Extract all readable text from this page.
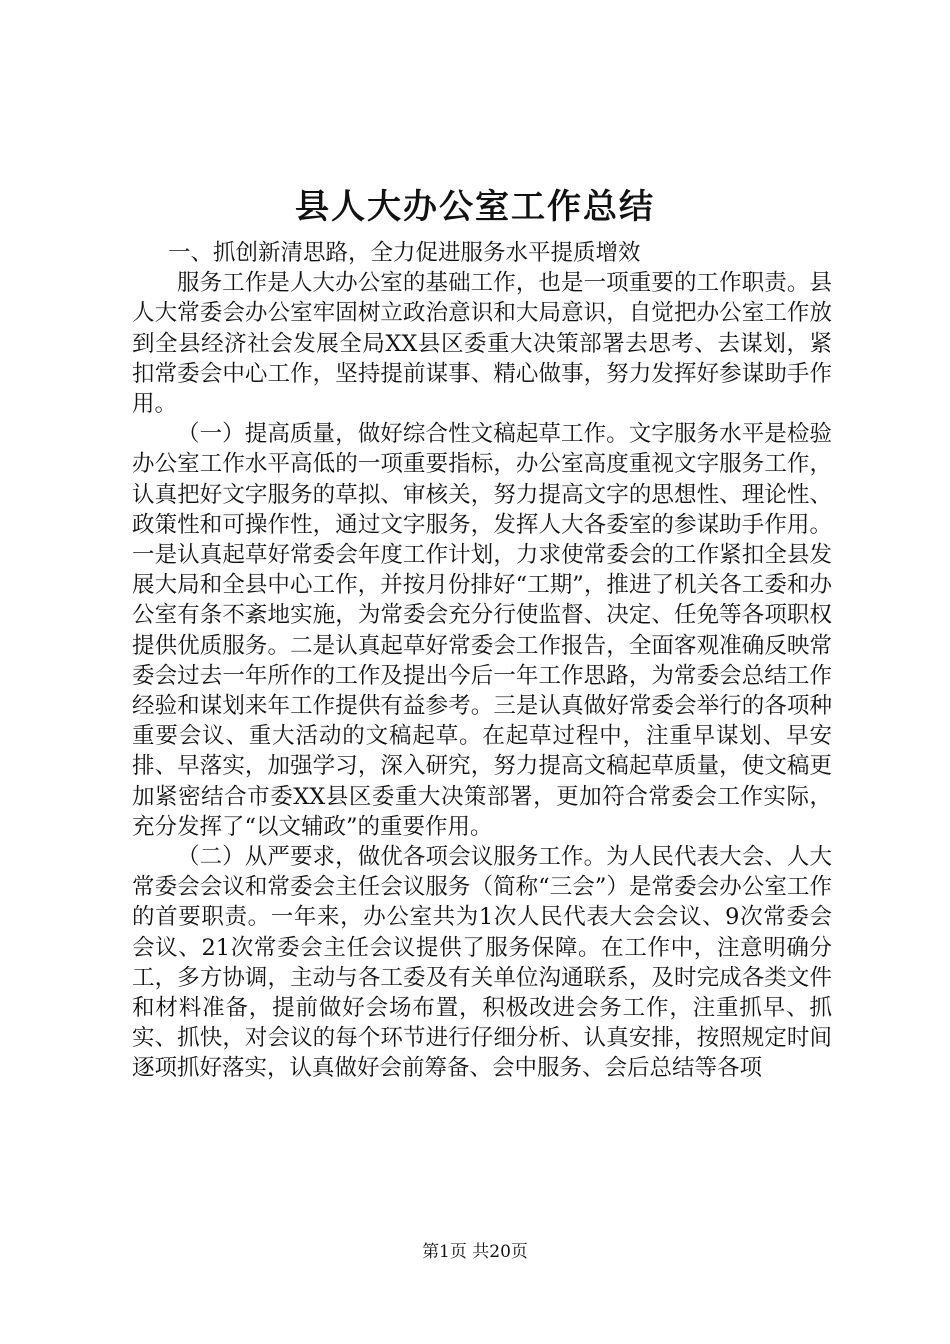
县人大办公室工作总结

一、抓创新清思路，全力促进服务水平提质增效

服务工作是人大办公室的基础工作，也是一项重要的工作职责。县人大常委会办公室牢固树立政治意识和大局意识，自觉把办公室工作放到全县经济社会发展全局XX县区委重大决策部署去思考、去谋划，紧扣常委会中心工作，坚持提前谋事、精心做事，努力发挥好参谋助手作用。

（一）提高质量，做好综合性文稿起草工作。文字服务水平是检验办公室工作水平高低的一项重要指标，办公室高度重视文字服务工作，认真把好文字服务的草拟、审核关，努力提高文字的思想性、理论性、政策性和可操作性，通过文字服务，发挥人大各委室的参谋助手作用。一是认真起草好常委会年度工作计划，力求使常委会的工作紧扣全县发展大局和全县中心工作，并按月份排好“工期”，推进了机关各工委和办公室有条不紊地实施，为常委会充分行使监督、决定、任免等各项职权提供优质服务。二是认真起草好常委会工作报告，全面客观准确反映常委会过去一年所作的工作及提出今后一年工作思路，为常委会总结工作经验和谋划来年工作提供有益参考。三是认真做好常委会举行的各项种重要会议、重大活动的文稿起草。在起草过程中，注重早谋划、早安排、早落实，加强学习，深入研究，努力提高文稿起草质量，使文稿更加紧密结合市委XX县区委重大决策部署，更加符合常委会工作实际，充分发挥了“以文辅政”的重要作用。

（二）从严要求，做优各项会议服务工作。为人民代表大会、人大常委会会议和常委会主任会议服务（简称“三会”）是常委会办公室工作的首要职责。一年来，办公室共为1次人民代表大会会议、9次常委会会议、21次常委会主任会议提供了服务保障。在工作中，注意明确分工，多方协调，主动与各工委及有关单位沟通联系，及时完成各类文件和材料准备，提前做好会场布置，积极改进会务工作，注重抓早、抓实、抓快，对会议的每个环节进行仔细分析、认真安排，按照规定时间逐项抓好落实，认真做好会前筹备、会中服务、会后总结等各项

第1页 共20页
